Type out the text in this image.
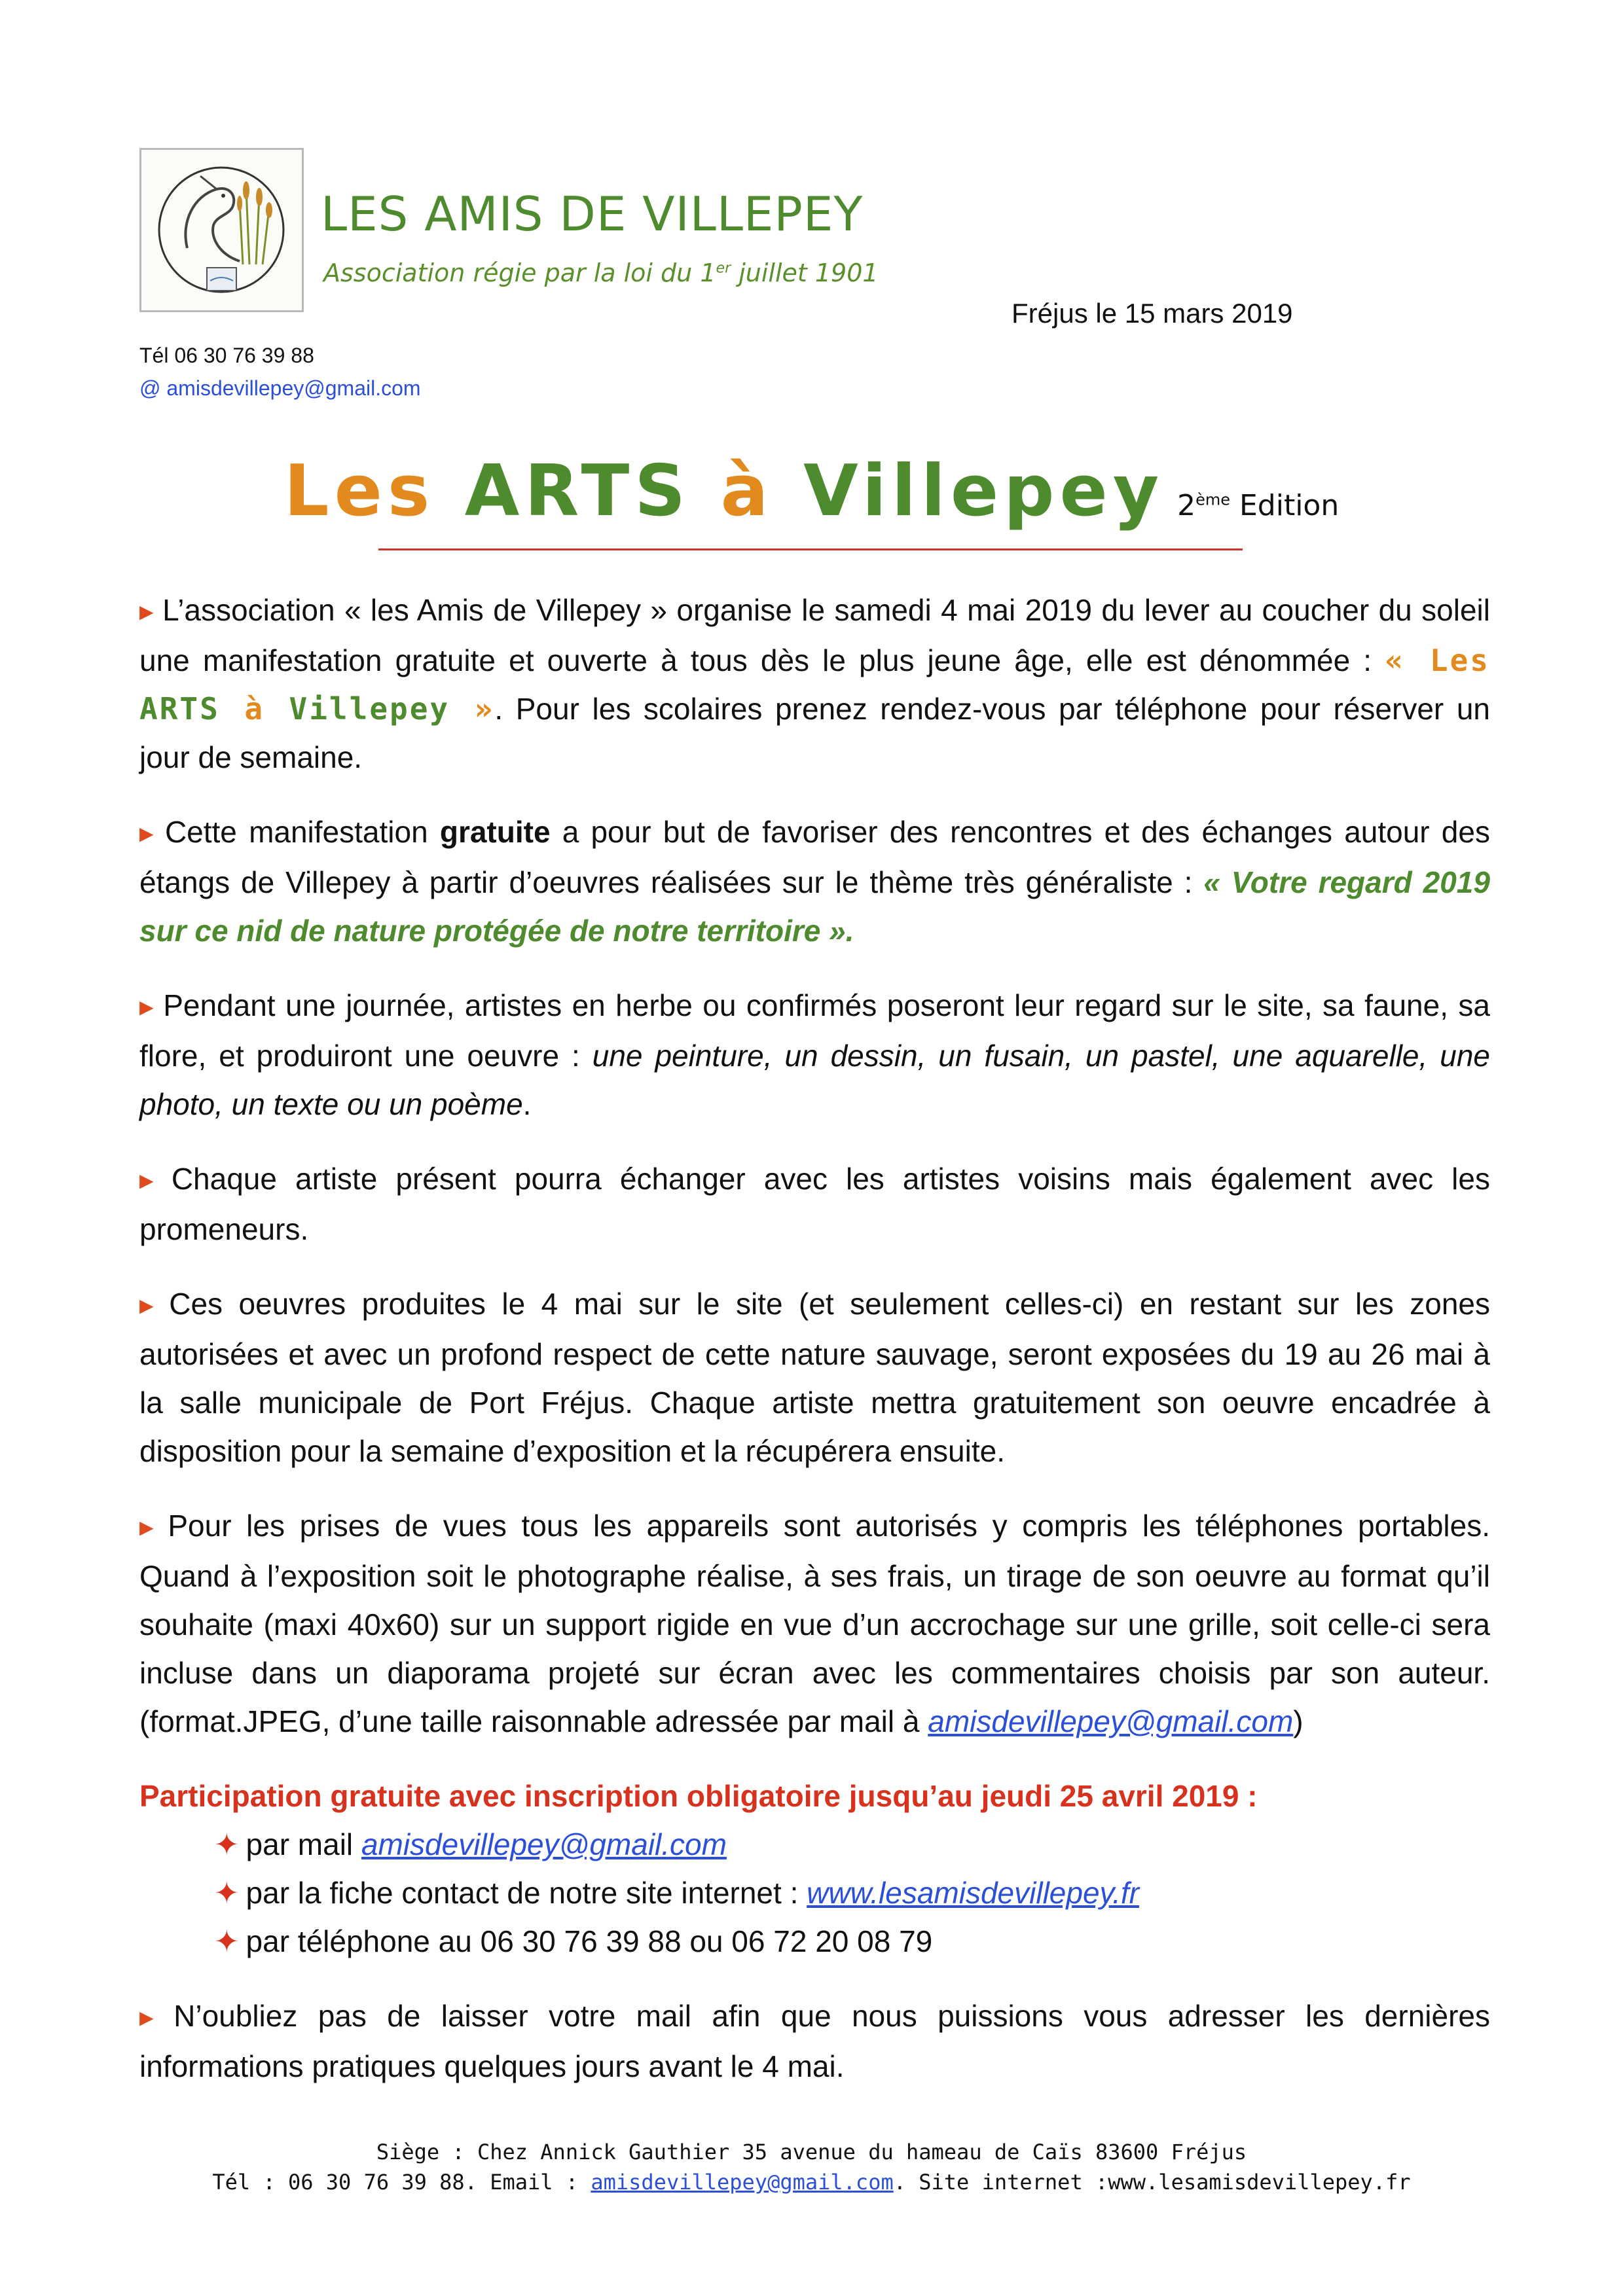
LES AMIS DE VILLEPEY
Association régie par la loi du 1er juillet 1901
Fréjus le 15 mars 2019
Tél 06 30 76 39 88
@ amisdevillepey@gmail.com
Les ARTS à Villepey 2ème Edition

▶ L’association « les Amis de Villepey » organise le samedi 4 mai 2019 du lever au coucher du soleil une manifestation gratuite et ouverte à tous dès le plus jeune âge, elle est dénommée : « Les ARTS à Villepey ». Pour les scolaires prenez rendez-vous par téléphone pour réserver un jour de semaine.

▶ Cette manifestation gratuite a pour but de favoriser des rencontres et des échanges autour des étangs de Villepey à partir d’oeuvres réalisées sur le thème très généraliste : « Votre regard 2019 sur ce nid de nature protégée de notre territoire ».

▶ Pendant une journée, artistes en herbe ou confirmés poseront leur regard sur le site, sa faune, sa flore, et produiront une oeuvre : une peinture, un dessin, un fusain, un pastel, une aquarelle, une photo, un texte ou un poème.

▶ Chaque artiste présent pourra échanger avec les artistes voisins mais également avec les promeneurs.

▶ Ces oeuvres produites le 4 mai sur le site (et seulement celles-ci) en restant sur les zones autorisées et avec un profond respect de cette nature sauvage, seront exposées du 19 au 26 mai à la salle municipale de Port Fréjus. Chaque artiste mettra gratuitement son oeuvre encadrée à disposition pour la semaine d’exposition et la récupérera ensuite.

▶ Pour les prises de vues tous les appareils sont autorisés y compris les téléphones portables. Quand à l’exposition soit le photographe réalise, à ses frais, un tirage de son oeuvre au format qu’il souhaite (maxi 40x60) sur un support rigide en vue d’un accrochage sur une grille, soit celle-ci sera incluse dans un diaporama projeté sur écran avec les commentaires choisis par son auteur. (format.JPEG, d’une taille raisonnable adressée par mail à amisdevillepey@gmail.com)

Participation gratuite avec inscription obligatoire jusqu’au jeudi 25 avril 2019 :
✦ par mail amisdevillepey@gmail.com
✦ par la fiche contact de notre site internet : www.lesamisdevillepey.fr
✦ par téléphone au 06 30 76 39 88 ou 06 72 20 08 79

▶ N’oubliez pas de laisser votre mail afin que nous puissions vous adresser les dernières informations pratiques quelques jours avant le 4 mai.

Siège : Chez Annick Gauthier 35 avenue du hameau de Caïs 83600 Fréjus
Tél : 06 30 76 39 88. Email : amisdevillepey@gmail.com. Site internet :www.lesamisdevillepey.fr
